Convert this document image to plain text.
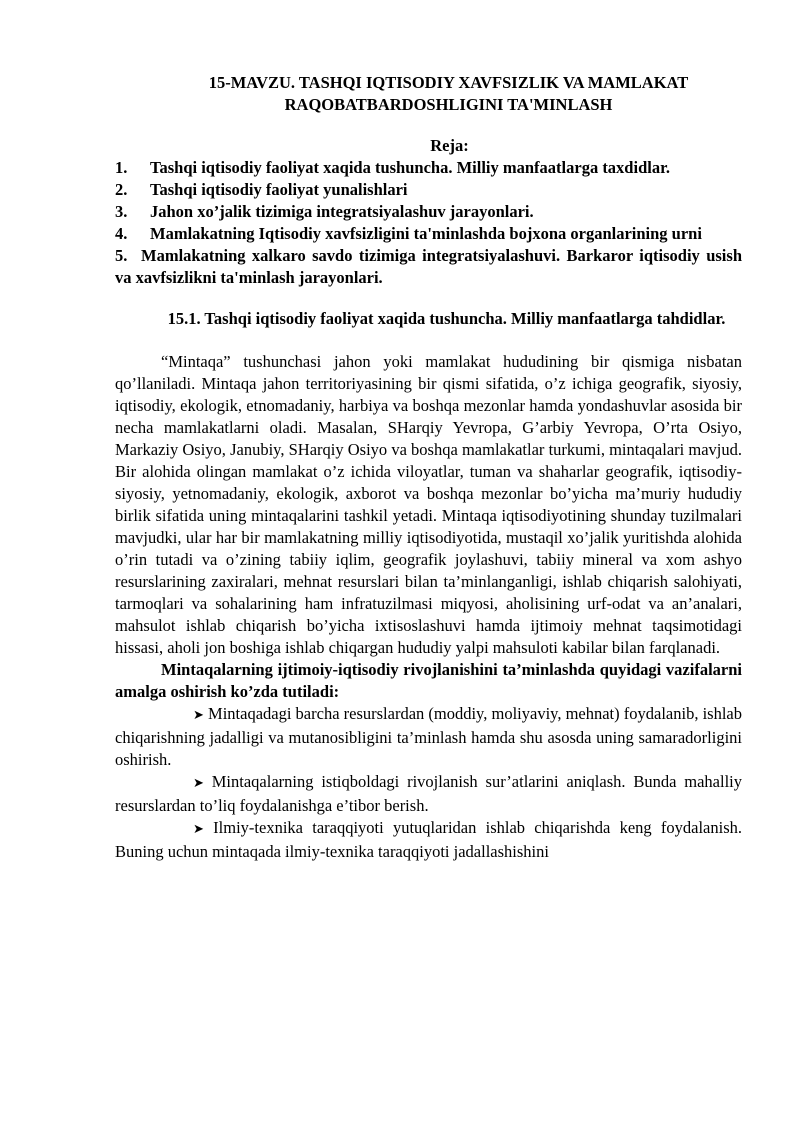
15-MAVZU. TASHQI IQTISODIY XAVFSIZLIK VA MAMLAKAT RAQOBATBARDOSHLIGINI TA'MINLASH

Reja:

1. Tashqi iqtisodiy faoliyat xaqida tushuncha. Milliy manfaatlarga taxdidlar.
2. Tashqi iqtisodiy faoliyat yunalishlari
3. Jahon xo’jalik tizimiga integratsiyalashuv jarayonlari.
4. Mamlakatning Iqtisodiy xavfsizligini ta'minlashda bojxona organlarining urni
5. Mamlakatning xalkaro savdo tizimiga integratsiyalashuvi. Barkaror iqtisodiy usish va xavfsizlikni ta'minlash jarayonlari.

15.1. Tashqi iqtisodiy faoliyat xaqida tushuncha. Milliy manfaatlarga tahdidlar.

“Mintaqa” tushunchasi jahon yoki mamlakat hududining bir qismiga nisbatan qo’llaniladi. Mintaqa jahon territoriyasining bir qismi sifatida, o’z ichiga geografik, siyosiy, iqtisodiy, ekologik, etnomadaniy, harbiya va boshqa mezonlar hamda yondashuvlar asosida bir necha mamlakatlarni oladi. Masalan, SHarqiy Yevropa, G’arbiy Yevropa, O’rta Osiyo, Markaziy Osiyo, Janubiy, SHarqiy Osiyo va boshqa mamlakatlar turkumi, mintaqalari mavjud. Bir alohida olingan mamlakat o’z ichida viloyatlar, tuman va shaharlar geografik, iqtisodiy-siyosiy, yetnomadaniy, ekologik, axborot va boshqa mezonlar bo’yicha ma’muriy hududiy birlik sifatida uning mintaqalarini tashkil yetadi. Mintaqa iqtisodiyotining shunday tuzilmalari mavjudki, ular har bir mamlakatning milliy iqtisodiyotida, mustaqil xo’jalik yuritishda alohida o’rin tutadi va o’zining tabiiy iqlim, geografik joylashuvi, tabiiy mineral va xom ashyo resurslarining zaxiralari, mehnat resurslari bilan ta’minlanganligi, ishlab chiqarish salohiyati, tarmoqlari va sohalarining ham infratuzilmasi miqyosi, aholisining urf-odat va an’analari, mahsulot ishlab chiqarish bo’yicha ixtisoslashuvi hamda ijtimoiy mehnat taqsimotidagi hissasi, aholi jon boshiga ishlab chiqargan hududiy yalpi mahsuloti kabilar bilan farqlanadi.

Mintaqalarning ijtimoiy-iqtisodiy rivojlanishini ta’minlashda quyidagi vazifalarni amalga oshirish ko’zda tutiladi:

➤ Mintaqadagi barcha resurslardan (moddiy, moliyaviy, mehnat) foydalanib, ishlab chiqarishning jadalligi va mutanosibligini ta’minlash hamda shu asosda uning samaradorligini oshirish.

➤ Mintaqalarning istiqboldagi rivojlanish sur’atlarini aniqlash. Bunda mahalliy resurslardan to’liq foydalanishga e’tibor berish.

➤ Ilmiy-texnika taraqqiyoti yutuqlaridan ishlab chiqarishda keng foydalanish. Buning uchun mintaqada ilmiy-texnika taraqqiyoti jadallashishini
